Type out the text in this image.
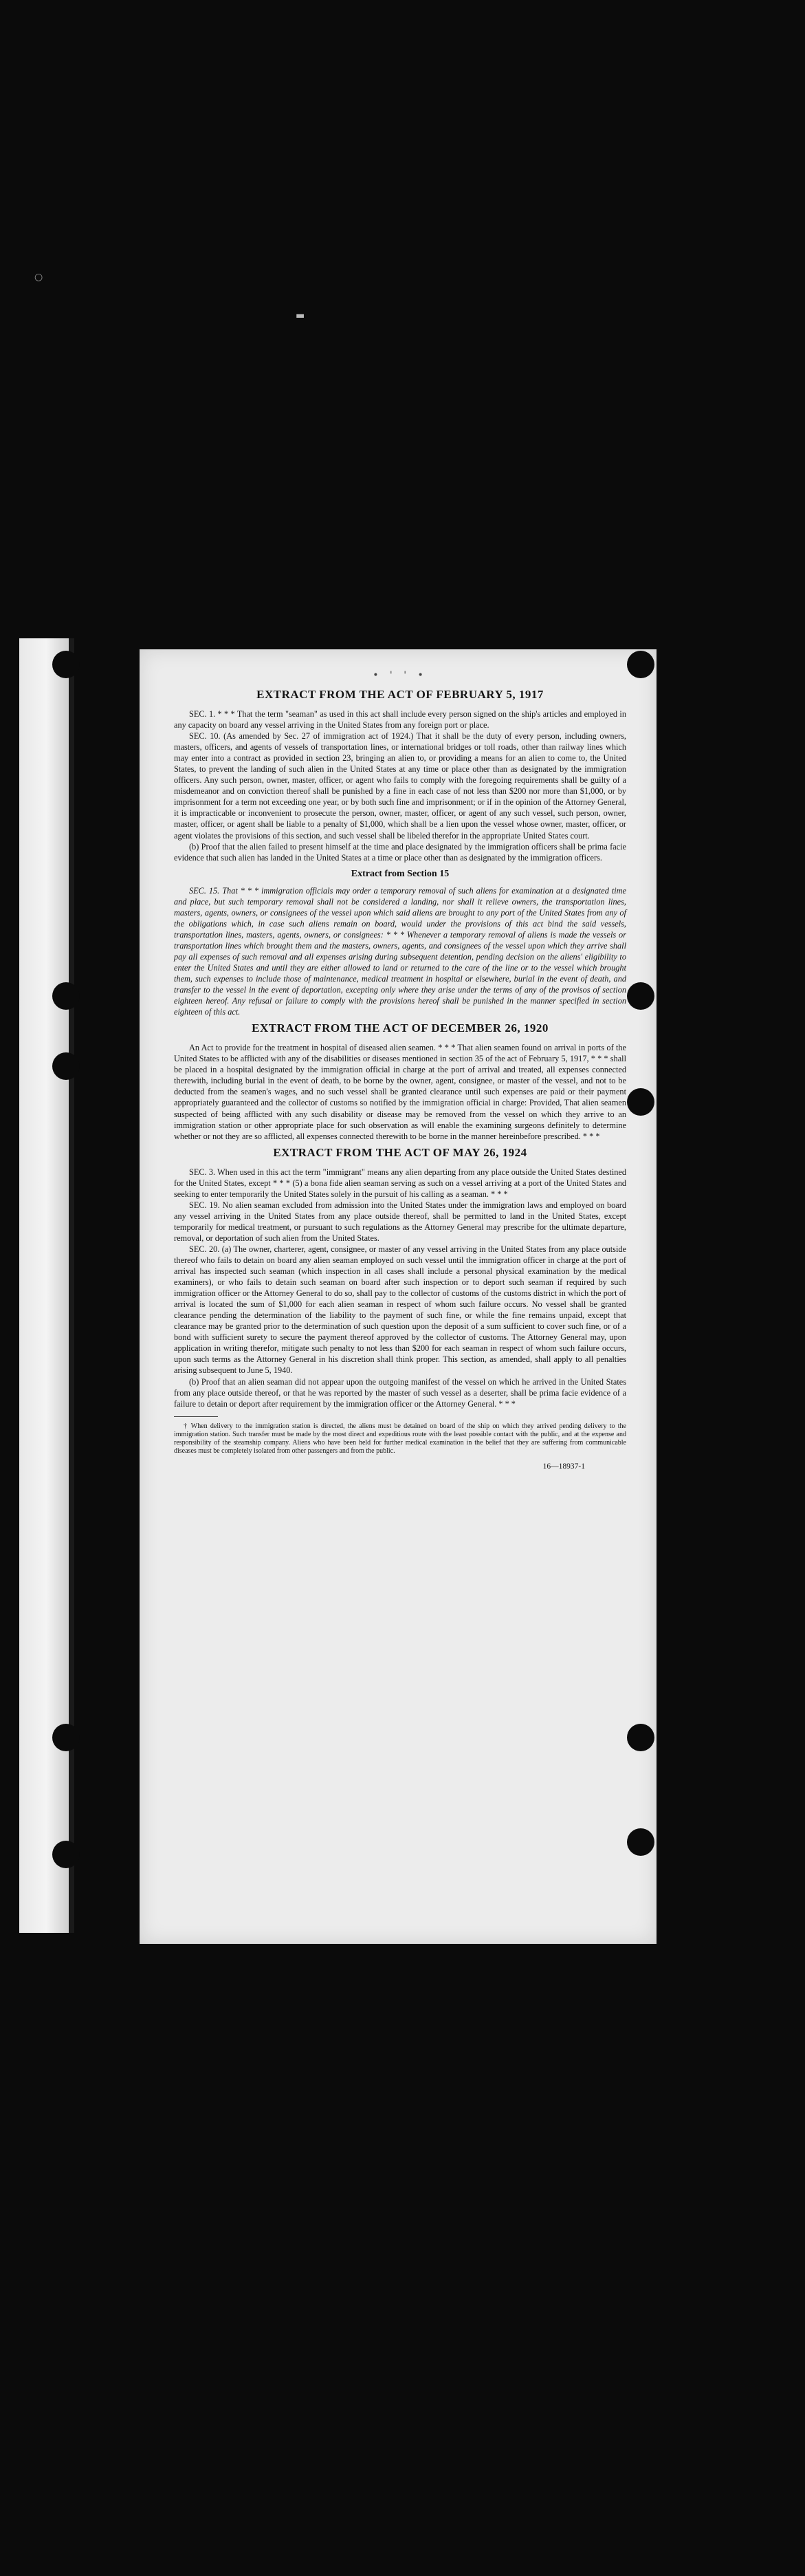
○
▬
• ' ' •
EXTRACT FROM THE ACT OF FEBRUARY 5, 1917

SEC. 1. * * * That the term "seaman" as used in this act shall include every person signed on the ship's articles and employed in any capacity on board any vessel arriving in the United States from any foreign port or place.

SEC. 10. (As amended by Sec. 27 of immigration act of 1924.) That it shall be the duty of every person, including owners, masters, officers, and agents of vessels of transportation lines, or international bridges or toll roads, other than railway lines which may enter into a contract as provided in section 23, bringing an alien to, or providing a means for an alien to come to, the United States, to prevent the landing of such alien in the United States at any time or place other than as designated by the immigration officers. Any such person, owner, master, officer, or agent who fails to comply with the foregoing requirements shall be guilty of a misdemeanor and on conviction thereof shall be punished by a fine in each case of not less than $200 nor more than $1,000, or by imprisonment for a term not exceeding one year, or by both such fine and imprisonment; or if in the opinion of the Attorney General, it is impracticable or inconvenient to prosecute the person, owner, master, officer, or agent of any such vessel, such person, owner, master, officer, or agent shall be liable to a penalty of $1,000, which shall be a lien upon the vessel whose owner, master, officer, or agent violates the provisions of this section, and such vessel shall be libeled therefor in the appropriate United States court.

(b) Proof that the alien failed to present himself at the time and place designated by the immigration officers shall be prima facie evidence that such alien has landed in the United States at a time or place other than as designated by the immigration officers.

Extract from Section 15

SEC. 15. That * * * immigration officials may order a temporary removal of such aliens for examination at a designated time and place, but such temporary removal shall not be considered a landing, nor shall it relieve owners, the transportation lines, masters, agents, owners, or consignees of the vessel upon which said aliens are brought to any port of the United States from any of the obligations which, in case such aliens remain on board, would under the provisions of this act bind the said vessels, transportation lines, masters, agents, owners, or consignees: * * * Whenever a temporary removal of aliens is made the vessels or transportation lines which brought them and the masters, owners, agents, and consignees of the vessel upon which they arrive shall pay all expenses of such removal and all expenses arising during subsequent detention, pending decision on the aliens' eligibility to enter the United States and until they are either allowed to land or returned to the care of the line or to the vessel which brought them, such expenses to include those of maintenance, medical treatment in hospital or elsewhere, burial in the event of death, and transfer to the vessel in the event of deportation, excepting only where they arise under the terms of any of the provisos of section eighteen hereof. Any refusal or failure to comply with the provisions hereof shall be punished in the manner specified in section eighteen of this act.

EXTRACT FROM THE ACT OF DECEMBER 26, 1920

An Act to provide for the treatment in hospital of diseased alien seamen. * * * That alien seamen found on arrival in ports of the United States to be afflicted with any of the disabilities or diseases mentioned in section 35 of the act of February 5, 1917, * * * shall be placed in a hospital designated by the immigration official in charge at the port of arrival and treated, all expenses connected therewith, including burial in the event of death, to be borne by the owner, agent, consignee, or master of the vessel, and not to be deducted from the seamen's wages, and no such vessel shall be granted clearance until such expenses are paid or their payment appropriately guaranteed and the collector of customs so notified by the immigration official in charge: Provided, That alien seamen suspected of being afflicted with any such disability or disease may be removed from the vessel on which they arrive to an immigration station or other appropriate place for such observation as will enable the examining surgeons definitely to determine whether or not they are so afflicted, all expenses connected therewith to be borne in the manner hereinbefore prescribed. * * *

EXTRACT FROM THE ACT OF MAY 26, 1924

SEC. 3. When used in this act the term "immigrant" means any alien departing from any place outside the United States destined for the United States, except * * * (5) a bona fide alien seaman serving as such on a vessel arriving at a port of the United States and seeking to enter temporarily the United States solely in the pursuit of his calling as a seaman. * * *

SEC. 19. No alien seaman excluded from admission into the United States under the immigration laws and employed on board any vessel arriving in the United States from any place outside thereof, shall be permitted to land in the United States, except temporarily for medical treatment, or pursuant to such regulations as the Attorney General may prescribe for the ultimate departure, removal, or deportation of such alien from the United States.

SEC. 20. (a) The owner, charterer, agent, consignee, or master of any vessel arriving in the United States from any place outside thereof who fails to detain on board any alien seaman employed on such vessel until the immigration officer in charge at the port of arrival has inspected such seaman (which inspection in all cases shall include a personal physical examination by the medical examiners), or who fails to detain such seaman on board after such inspection or to deport such seaman if required by such immigration officer or the Attorney General to do so, shall pay to the collector of customs of the customs district in which the port of arrival is located the sum of $1,000 for each alien seaman in respect of whom such failure occurs. No vessel shall be granted clearance pending the determination of the liability to the payment of such fine, or while the fine remains unpaid, except that clearance may be granted prior to the determination of such question upon the deposit of a sum sufficient to cover such fine, or of a bond with sufficient surety to secure the payment thereof approved by the collector of customs. The Attorney General may, upon application in writing therefor, mitigate such penalty to not less than $200 for each seaman in respect of whom such failure occurs, upon such terms as the Attorney General in his discretion shall think proper. This section, as amended, shall apply to all penalties arising subsequent to June 5, 1940.

(b) Proof that an alien seaman did not appear upon the outgoing manifest of the vessel on which he arrived in the United States from any place outside thereof, or that he was reported by the master of such vessel as a deserter, shall be prima facie evidence of a failure to detain or deport after requirement by the immigration officer or the Attorney General. * * *

† When delivery to the immigration station is directed, the aliens must be detained on board of the ship on which they arrived pending delivery to the immigration station. Such transfer must be made by the most direct and expeditious route with the least possible contact with the public, and at the expense and responsibility of the steamship company. Aliens who have been held for further medical examination in the belief that they are suffering from communicable diseases must be completely isolated from other passengers and from the public.

16—18937-1
